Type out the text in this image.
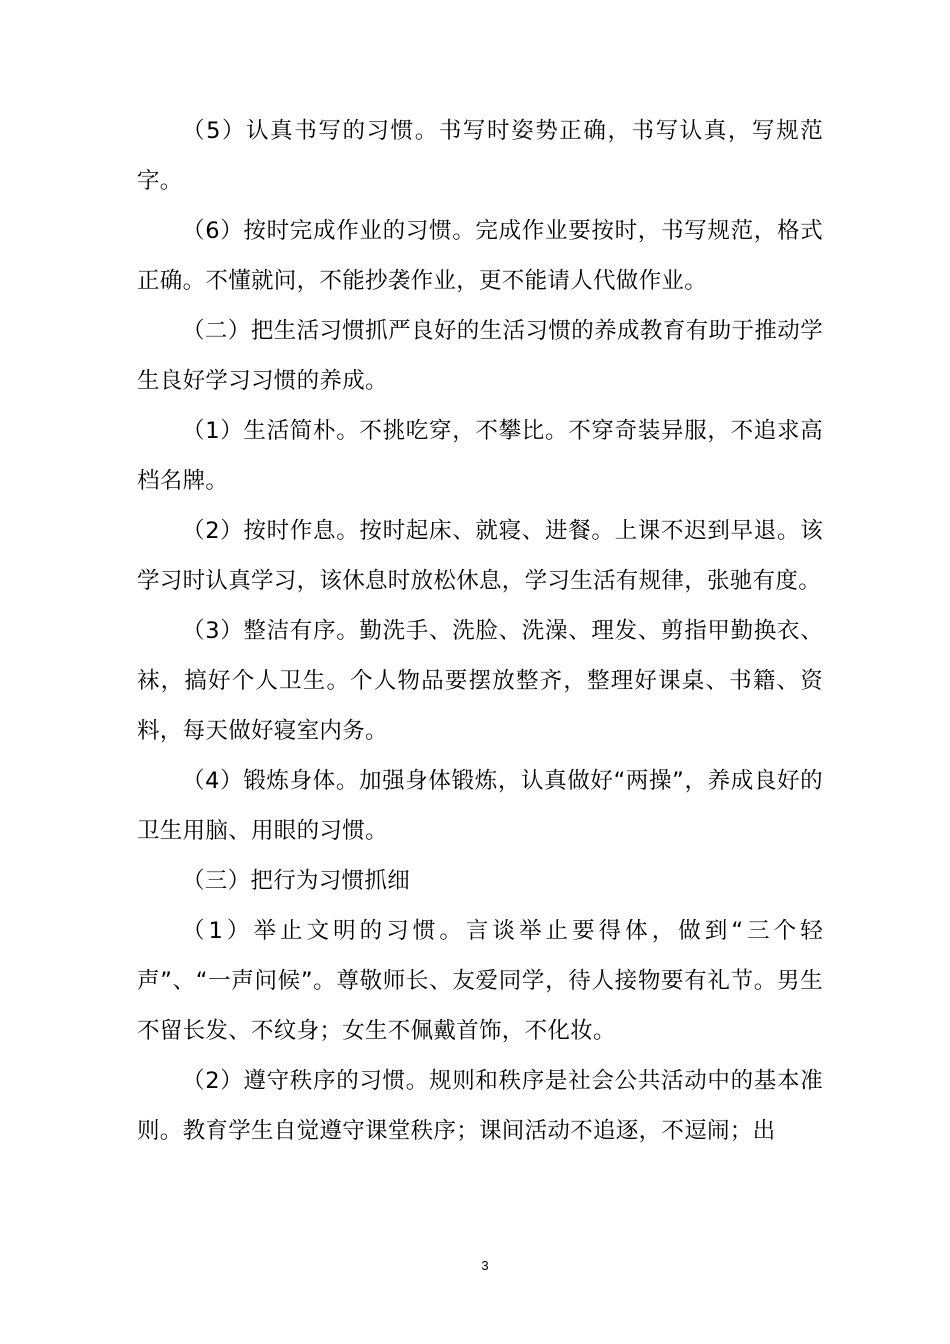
（5）认真书写的习惯。书写时姿势正确，书写认真，写规范字。

（6）按时完成作业的习惯。完成作业要按时，书写规范，格式正确。不懂就问，不能抄袭作业，更不能请人代做作业。

（二）把生活习惯抓严良好的生活习惯的养成教育有助于推动学生良好学习习惯的养成。

（1）生活简朴。不挑吃穿，不攀比。不穿奇装异服，不追求高档名牌。

（2）按时作息。按时起床、就寝、进餐。上课不迟到早退。该学习时认真学习，该休息时放松休息，学习生活有规律，张驰有度。

（3）整洁有序。勤洗手、洗脸、洗澡、理发、剪指甲勤换衣、袜，搞好个人卫生。个人物品要摆放整齐，整理好课桌、书籍、资料，每天做好寝室内务。

（4）锻炼身体。加强身体锻炼，认真做好“两操”，养成良好的卫生用脑、用眼的习惯。

（三）把行为习惯抓细

（1）举止文明的习惯。言谈举止要得体，做到“三个轻声”、“一声问候”。尊敬师长、友爱同学，待人接物要有礼节。男生不留长发、不纹身；女生不佩戴首饰，不化妆。

（2）遵守秩序的习惯。规则和秩序是社会公共活动中的基本准则。教育学生自觉遵守课堂秩序；课间活动不追逐，不逗闹；出

3
